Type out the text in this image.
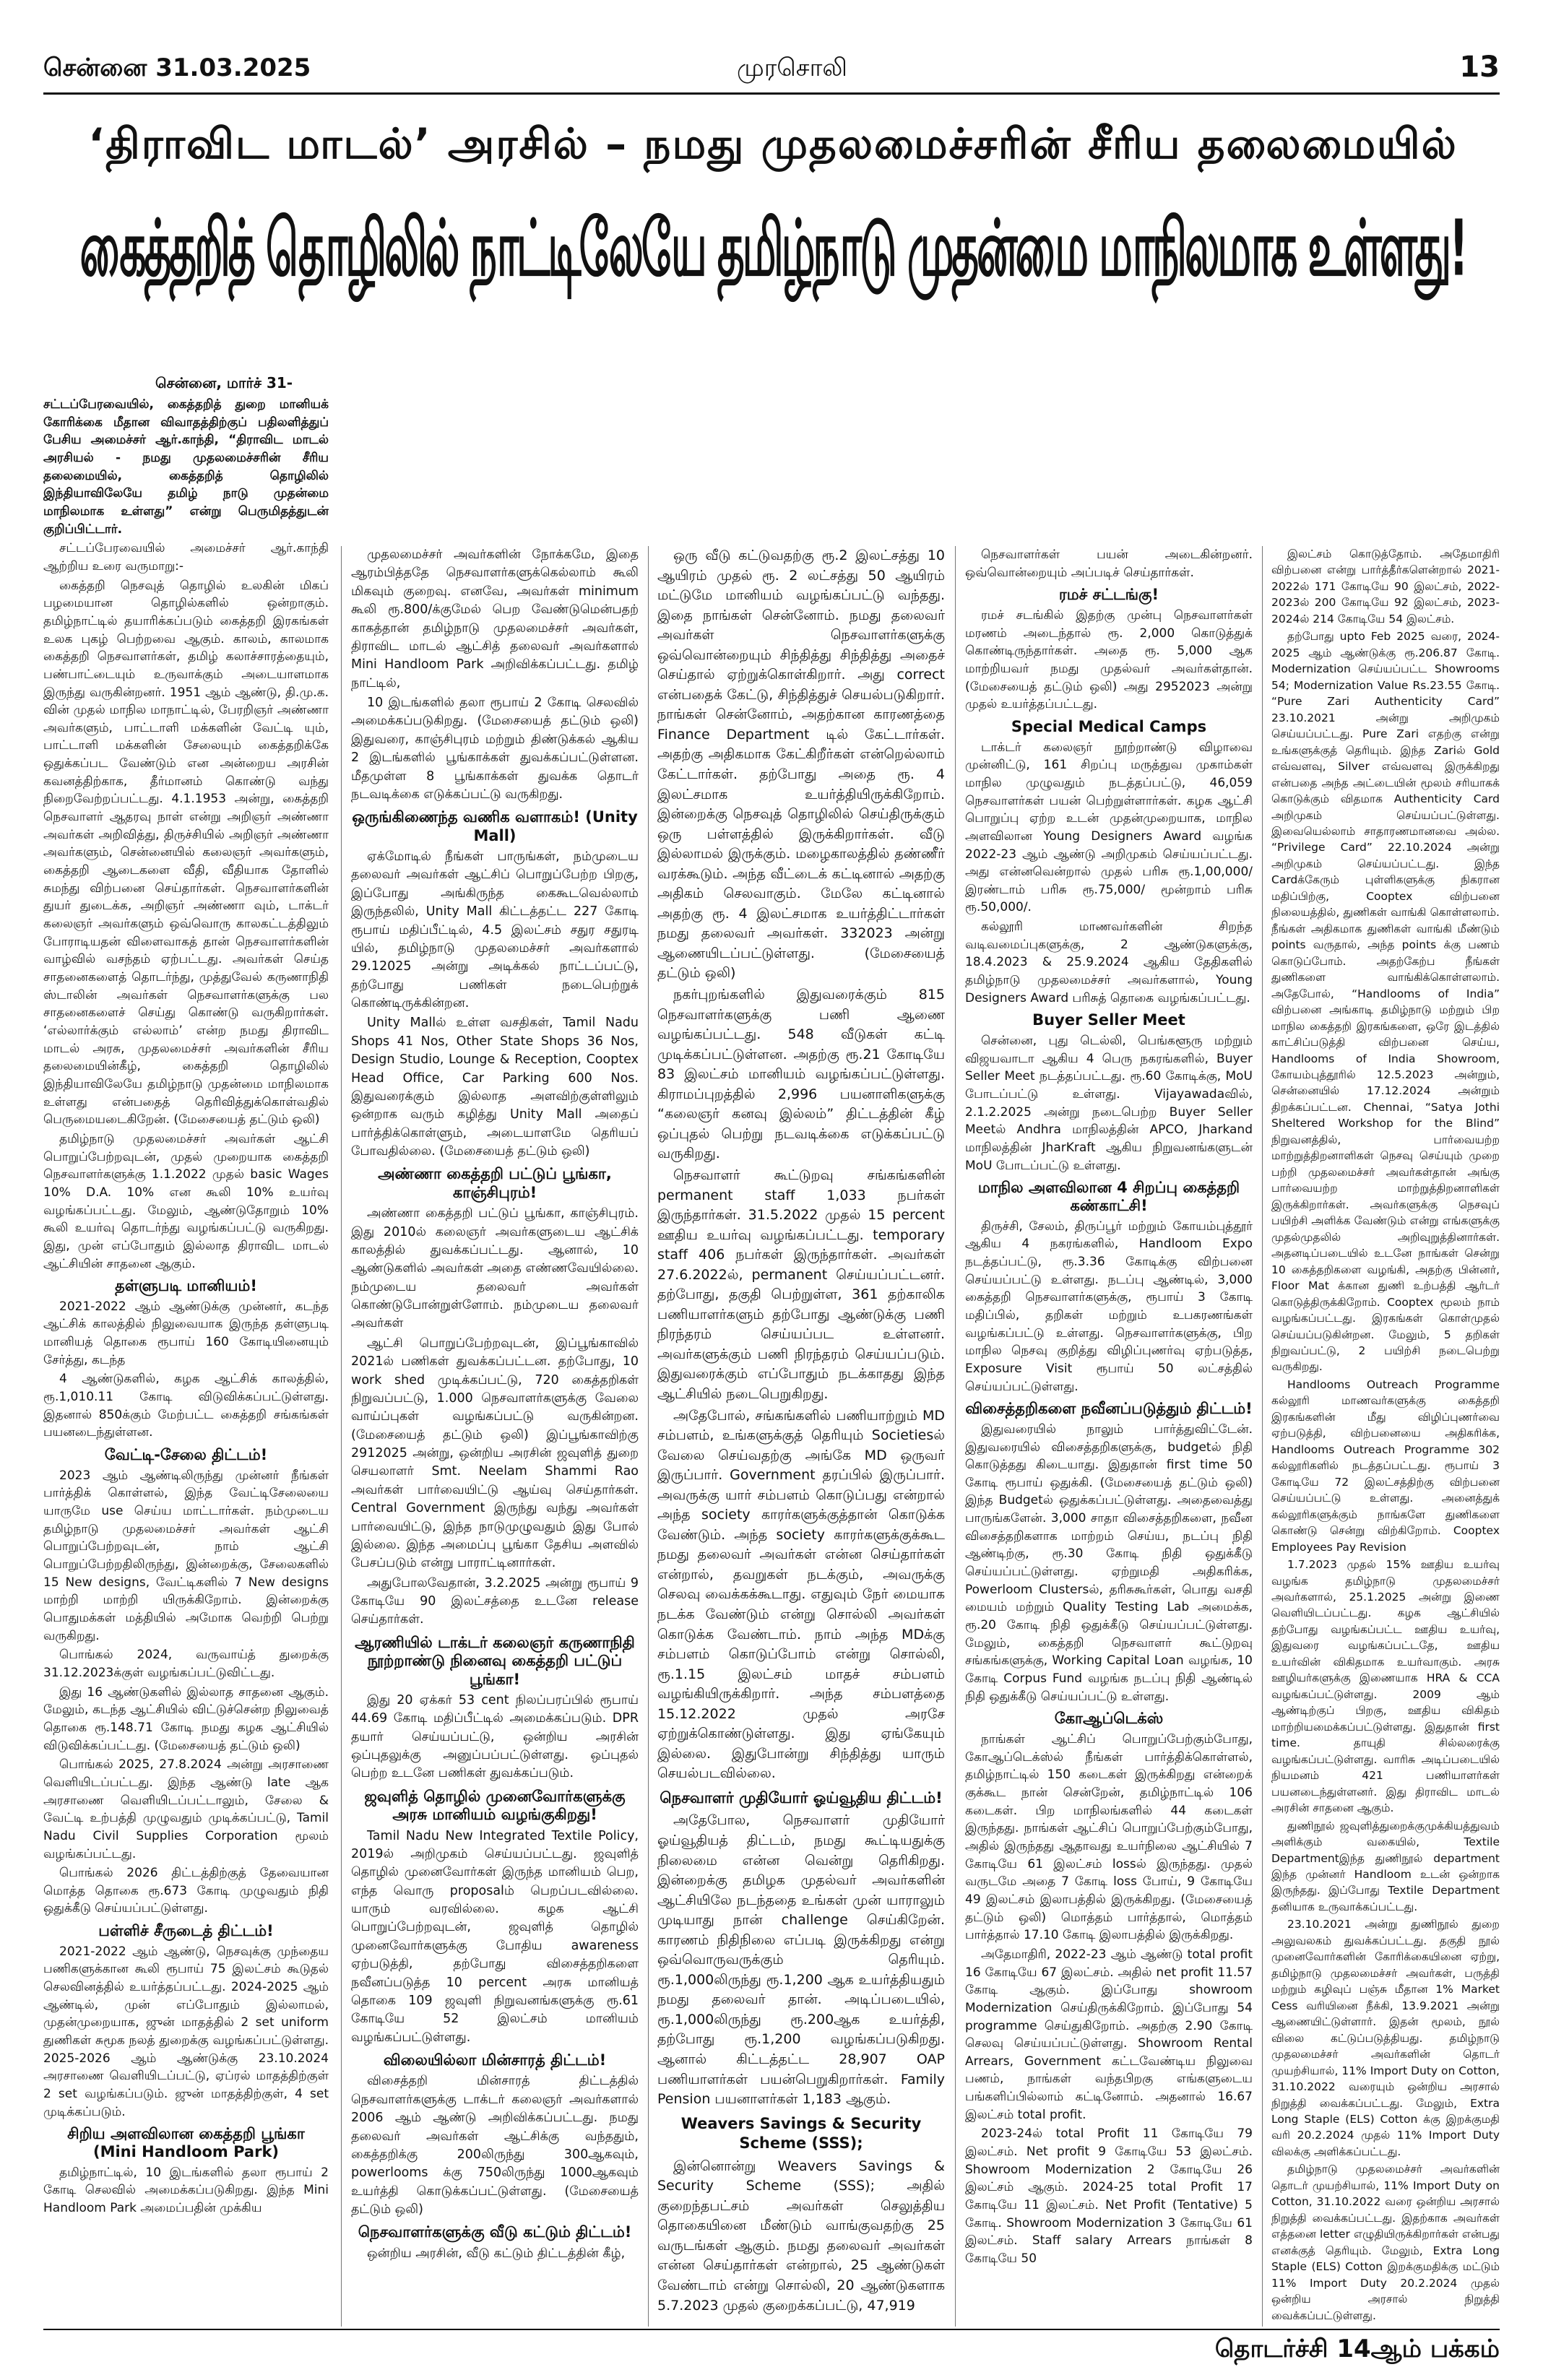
சென்னை 31.03.2025	முரசொலி	13
‘திராவிட மாடல்’ அரசில் – நமது முதலமைச்சரின் சீரிய தலைமையில்
கைத்தறித் தொழிலில் நாட்டிலேயே தமிழ்நாடு முதன்மை மாநிலமாக உள்ளது!
சென்னை, மார்ச் 31-

சட்டப்பேரவையில், கைத்தறித் துறை மானியக் கோரிக்கை மீதான விவாதத்திற்குப் பதிலளித்துப் பேசிய அமைச்சர் ஆர்.காந்தி, “திராவிட மாடல் அரசியல் - நமது முதலமைச்சரின் சீரிய தலைமையில், கைத்தறித் தொழிலில் இந்தியாவிலேயே தமிழ் நாடு முதன்மை மாநிலமாக உள்ளது” என்று பெருமிதத்துடன் குறிப்பிட்டார்.

சட்டப்பேரவையில் அமைச்சர் ஆர்.காந்தி ஆற்றிய உரை வருமாறு:-

கைத்தறி நெசவுத் தொழில் உலகின் மிகப் பழமையான தொழில்களில் ஒன்றாகும். தமிழ்நாட்டில் தயாரிக்கப்படும் கைத்தறி இரகங்கள் உலக புகழ் பெற்றவை ஆகும். காலம், காலமாக கைத்தறி நெசவாளர்கள், தமிழ் கலாச்சாரத்தையும், பண்பாட்டையும் உருவாக்கும் அடையாளமாக இருந்து வருகின்றனர். 1951 ஆம் ஆண்டு, தி.மு.க. வின் முதல் மாநில மாநாட்டில், பேரறிஞர் அண்ணா அவர்களும், பாட்டாளி மக்களின் வேட்டி யும், பாட்டாளி மக்களின் சேலையும் கைத்தறிக்கே ஒதுக்கப்பட வேண்டும் என அன்றைய அரசின் கவனத்திற்காக, தீர்மானம் கொண்டு வந்து நிறைவேற்றப்பட்டது. 4.1.1953 அன்று, கைத்தறி நெசவாளர் ஆதரவு நாள் என்று அறிஞர் அண்ணா அவர்கள் அறிவித்து, திருச்சியில் அறிஞர் அண்ணா அவர்களும், சென்னையில் கலைஞர் அவர்களும், கைத்தறி ஆடைகளை வீதி, வீதியாக தோளில் சுமந்து விற்பனை செய்தார்கள். நெசவாளர்களின் துயர் துடைக்க, அறிஞர் அண்ணா வும், டாக்டர் கலைஞர் அவர்களும் ஒவ்வொரு காலகட்டத்திலும் போராடியதன் விளைவாகத் தான் நெசவாளர்களின் வாழ்வில் வசந்தம் ஏற்பட்டது. அவர்கள் செய்த சாதனைகளைத் தொடர்ந்து, முத்துவேல் கருணாநிதி ஸ்டாலின் அவர்கள் நெசவாளர்களுக்கு பல சாதனைகளைச் செய்து கொண்டு வருகிறார்கள். ‘எல்லார்க்கும் எல்லாம்’ என்ற நமது திராவிட மாடல் அரசு, முதலமைச்சர் அவர்களின் சீரிய தலைமையின்கீழ், கைத்தறி தொழிலில் இந்தியாவிலேயே தமிழ்நாடு முதன்மை மாநிலமாக உள்ளது என்பதைத் தெரிவித்துக்கொள்வதில் பெருமையடைகிறேன். (மேசையைத் தட்டும் ஒலி)

தமிழ்நாடு முதலமைச்சர் அவர்கள் ஆட்சி பொறுப்பேற்றவுடன், முதல் முறையாக கைத்தறி நெசவாளர்களுக்கு 1.1.2022 முதல் basic Wages 10% D.A. 10% என கூலி 10% உயர்வு வழங்கப்பட்டது. மேலும், ஆண்டுதோறும் 10% கூலி உயர்வு தொடர்ந்து வழங்கப்பட்டு வருகிறது. இது, முன் எப்போதும் இல்லாத திராவிட மாடல் ஆட்சியின் சாதனை ஆகும்.

தள்ளுபடி மானியம்!

2021-2022 ஆம் ஆண்டுக்கு முன்னர், கடந்த ஆட்சிக் காலத்தில் நிலுவையாக இருந்த தள்ளுபடி மானியத் தொகை ரூபாய் 160 கோடியினையும் சேர்த்து, கடந்த

4 ஆண்டுகளில், கழக ஆட்சிக் காலத்தில், ரூ.1,010.11 கோடி விடுவிக்கப்பட்டுள்ளது. இதனால் 850க்கும் மேற்பட்ட கைத்தறி சங்கங்கள் பயனடைந்துள்ளன.

வேட்டி-சேலை திட்டம்!

2023 ஆம் ஆண்டிலிருந்து முன்னர் நீங்கள் பார்த்திக் கொள்ளல், இந்த வேட்டிசேலையை யாருமே use செய்ய மாட்டார்கள். நம்முடைய தமிழ்நாடு முதலமைச்சர் அவர்கள் ஆட்சி பொறுப்பேற்றவுடன், நாம் ஆட்சி பொறுப்பேற்றதிலிருந்து, இன்றைக்கு, சேலைகளில் 15 New designs, வேட்டிகளில் 7 New designs மாற்றி மாற்றி யிருக்கிறோம். இன்றைக்கு பொதுமக்கள் மத்தியில் அமோக வெற்றி பெற்று வருகிறது.

பொங்கல் 2024, வருவாய்த் துறைக்கு 31.12.2023க்குள் வழங்கப்பட்டுவிட்டது.

இது 16 ஆண்டுகளில் இல்லாத சாதனை ஆகும். மேலும், கடந்த ஆட்சியில் விட்டுச்சென்ற நிலுவைத் தொகை ரூ.148.71 கோடி நமது கழக ஆட்சியில் விடுவிக்கப்பட்டது. (மேசையைத் தட்டும் ஒலி)

பொங்கல் 2025, 27.8.2024 அன்று அரசாணை வெளியிடப்பட்டது. இந்த ஆண்டு late ஆக அரசாணை வெளியிடப்பட்டாலும், சேலை & வேட்டி உற்பத்தி முழுவதும் முடிக்கப்பட்டு, Tamil Nadu Civil Supplies Corporation மூலம் வழங்கப்பட்டது.

பொங்கல் 2026 திட்டத்திற்குத் தேவையான மொத்த தொகை ரூ.673 கோடி முழுவதும் நிதி ஒதுக்கீடு செய்யப்பட்டுள்ளது.

பள்ளிச் சீருடைத் திட்டம்!

2021-2022 ஆம் ஆண்டு, நெசவுக்கு முந்தைய பணிகளுக்கான கூலி ரூபாய் 75 இலட்சம் கூடுதல் செலவினத்தில் உயர்த்தப்பட்டது. 2024-2025 ஆம் ஆண்டில், முன் எப்போதும் இல்லாமல், முதன்முறையாக, ஜுன் மாதத்தில் 2 set uniform துணிகள் சுமூக நலத் துறைக்கு வழங்கப்பட்டுள்ளது. 2025-2026 ஆம் ஆண்டுக்கு 23.10.2024 அரசாணை வெளியிடப்பட்டு, ஏப்ரல் மாதத்திற்குள் 2 set வழங்கப்படும். ஜுன் மாதத்திற்குள், 4 set முடிக்கப்படும்.

சிறிய அளவிலான கைத்தறி பூங்கா (Mini Handloom Park)

தமிழ்நாட்டில், 10 இடங்களில் தலா ரூபாய் 2 கோடி செலவில் அமைக்கப்படுகிறது. இந்த Mini Handloom Park அமைப்பதின் முக்கிய

முதலமைச்சர் அவர்களின் நோக்கமே, இதை ஆரம்பித்ததே நெசவாளர்களுக்கெல்லாம் கூலி மிகவும் குறைவு. எனவே, அவர்கள் minimum கூலி ரூ.800/க்குமேல் பெற வேண்டுமென்பதற் காகத்தான் தமிழ்நாடு முதலமைச்சர் அவர்கள், திராவிட மாடல் ஆட்சித் தலைவர் அவர்களால் Mini Handloom Park அறிவிக்கப்பட்டது. தமிழ் நாட்டில்,

10 இடங்களில் தலா ரூபாய் 2 கோடி செலவில் அமைக்கப்படுகிறது. (மேசையைத் தட்டும் ஒலி) இதுவரை, காஞ்சிபுரம் மற்றும் திண்டுக்கல் ஆகிய 2 இடங்களில் பூங்காக்கள் துவக்கப்பட்டுள்ளன. மீதமுள்ள 8 பூங்காக்கள் துவக்க தொடர் நடவடிக்கை எடுக்கப்பட்டு வருகிறது.

ஒருங்கிணைந்த வணிக வளாகம்! (Unity Mall)

ஏக்மோடில் நீங்கள் பாருங்கள், நம்முடைய தலைவர் அவர்கள் ஆட்சிப் பொறுப்பேற்ற பிறகு, இப்போது அங்கிருந்த கைகூடவெல்லாம் இருந்தலில், Unity Mall கிட்டத்தட்ட 227 கோடி ரூபாய் மதிப்பீட்டில், 4.5 இலட்சம் சதுர சதுரடி யில், தமிழ்நாடு முதலமைச்சர் அவர்களால் 29.12025 அன்று அடிக்கல் நாட்டப்பட்டு, தற்போது பணிகள் நடைபெற்றுக் கொண்டிருக்கின்றன.

Unity Mallல் உள்ள வசதிகள், Tamil Nadu Shops 41 Nos, Other State Shops 36 Nos, Design Studio, Lounge & Reception, Cooptex Head Office, Car Parking 600 Nos. இதுவரைக்கும் இல்லாத அளவிற்குள்ளிலும் ஒன்றாக வரும் கழித்து Unity Mall அதைப் பார்த்திக்கொள்ளும், அடையாளமே தெரியப் போவதில்லை. (மேசையைத் தட்டும் ஒலி)

அண்ணா கைத்தறி பட்டுப் பூங்கா, காஞ்சிபுரம்!

அண்ணா கைத்தறி பட்டுப் பூங்கா, காஞ்சிபுரம். இது 2010ல் கலைஞர் அவர்களுடைய ஆட்சிக் காலத்தில் துவக்கப்பட்டது. ஆனால், 10 ஆண்டுகளில் அவர்கள் அதை எண்ணவேயில்லை. நம்முடைய தலைவர் அவர்கள் கொண்டுபோன்றுள்ளோம். நம்முடைய தலைவர் அவர்கள்

ஆட்சி பொறுப்பேற்றவுடன், இப்பூங்காவில் 2021ல் பணிகள் துவக்கப்பட்டன. தற்போது, 10 work shed முடிக்கப்பட்டு, 720 கைத்தறிகள் நிறுவப்பட்டு, 1.000 நெசவாளர்களுக்கு வேலை வாய்ப்புகள் வழங்கப்பட்டு வருகின்றன. (மேசையைத் தட்டும் ஒலி) இப்பூங்காவிற்கு 2912025 அன்று, ஒன்றிய அரசின் ஜவுளித் துறை செயலாளர் Smt. Neelam Shammi Rao அவர்கள் பார்வையிட்டு ஆய்வு செய்தார்கள். Central Government இருந்து வந்து அவர்கள் பார்வையிட்டு, இந்த நாடுமுழுவதும் இது போல் இல்லை. இந்த அமைப்பு பூங்கா தேசிய அளவில் பேசப்படும் என்று பாராட்டினார்கள்.

அதுபோலவேதான், 3.2.2025 அன்று ரூபாய் 9 கோடியே 90 இலட்சத்தை உடனே release செய்தார்கள்.

ஆரணியில் டாக்டர் கலைஞர் கருணாநிதி நூற்றாண்டு நினைவு கைத்தறி பட்டுப் பூங்கா!

இது 20 ஏக்கர் 53 cent நிலப்பரப்பில் ரூபாய் 44.69 கோடி மதிப்பீட்டில் அமைக்கப்படும். DPR தயார் செய்யப்பட்டு, ஒன்றிய அரசின் ஒப்புதலுக்கு அனுப்பப்பட்டுள்ளது. ஒப்புதல் பெற்ற உடனே பணிகள் துவக்கப்படும்.

ஜவுளித் தொழில் முனைவோர்களுக்கு அரசு மானியம் வழங்குகிறது!

Tamil Nadu New Integrated Textile Policy, 2019ல் அறிமுகம் செய்யப்பட்டது. ஜவுளித் தொழில் முனைவோர்கள் இருந்த மானியம் பெற, எந்த வொரு proposalம் பெறப்படவில்லை. யாரும் வரவில்லை. கழக ஆட்சி பொறுப்பேற்றவுடன், ஜவுளித் தொழில் முனைவோர்களுக்கு போதிய awareness ஏற்படுத்தி, தற்போது விசைத்தறிகளை நவீனப்படுத்த 10 percent அரசு மானியத் தொகை 109 ஜவுளி நிறுவனங்களுக்கு ரூ.61 கோடியே 52 இலட்சம் மானியம் வழங்கப்பட்டுள்ளது.

விலையில்லா மின்சாரத் திட்டம்!

விசைத்தறி மின்சாரத் திட்டத்தில் நெசவாளர்களுக்கு டாக்டர் கலைஞர் அவர்களால் 2006 ஆம் ஆண்டு அறிவிக்கப்பட்டது. நமது தலைவர் அவர்கள் ஆட்சிக்கு வந்ததும், கைத்தறிக்கு 200லிருந்து 300ஆகவும், powerlooms க்கு 750லிருந்து 1000ஆகவும் உயர்த்தி கொடுக்கப்பட்டுள்ளது. (மேசையைத் தட்டும் ஒலி)

நெசவாளர்களுக்கு வீடு கட்டும் திட்டம்!

ஒன்றிய அரசின், வீடு கட்டும் திட்டத்தின் கீழ்,

ஒரு வீடு கட்டுவதற்கு ரூ.2 இலட்சத்து 10 ஆயிரம் முதல் ரூ. 2 லட்சத்து 50 ஆயிரம் மட்டுமே மானியம் வழங்கப்பட்டு வந்தது. இதை நாங்கள் சென்னோம். நமது தலைவர் அவர்கள் நெசவாளர்களுக்கு ஒவ்வொன்றையும் சிந்தித்து சிந்தித்து அதைச் செய்தால் ஏற்றுக்கொள்கிறார். அது correct என்பதைக் கேட்டு, சிந்தித்துச் செயல்படுகிறார். நாங்கள் சென்னோம், அதற்கான காரணத்தை Finance Department டில் கேட்டார்கள். அதற்கு அதிகமாக கேட்கிறீர்கள் என்றெல்லாம் கேட்டார்கள். தற்போது அதை ரூ. 4 இலட்சமாக உயர்த்தியிருக்கிறோம். இன்றைக்கு நெசவுத் தொழிலில் செய்திருக்கும் ஒரு பள்ளத்தில் இருக்கிறார்கள். வீடு இல்லாமல் இருக்கும். மழைகாலத்தில் தண்ணீர் வரக்கூடும். அந்த வீட்டைக் கட்டினால் அதற்கு அதிகம் செலவாகும். மேலே கட்டினால் அதற்கு ரூ. 4 இலட்சமாக உயர்த்திட்டார்கள் நமது தலைவர் அவர்கள். 332023 அன்று ஆணையிடப்பட்டுள்ளது. (மேசையைத் தட்டும் ஒலி)

நகர்புறங்களில் இதுவரைக்கும் 815 நெசவாளர்களுக்கு பணி ஆணை வழங்கப்பட்டது. 548 வீடுகள் கட்டி முடிக்கப்பட்டுள்ளன. அதற்கு ரூ.21 கோடியே 83 இலட்சம் மானியம் வழங்கப்பட்டுள்ளது. கிராமப்புறத்தில் 2,996 பயனாளிகளுக்கு “கலைஞர் கனவு இல்லம்” திட்டத்தின் கீழ் ஒப்புதல் பெற்று நடவடிக்கை எடுக்கப்பட்டு வருகிறது.

நெசவாளர் கூட்டுறவு சங்கங்களின் permanent staff 1,033 நபர்கள் இருந்தார்கள். 31.5.2022 முதல் 15 percent ஊதிய உயர்வு வழங்கப்பட்டது. temporary staff 406 நபர்கள் இருந்தார்கள். அவர்கள் 27.6.2022ல், permanent செய்யப்பட்டனர். தற்போது, தகுதி பெற்றுள்ள, 361 தற்காலிக பணியாளர்களும் தற்போது ஆண்டுக்கு பணி நிரந்தரம் செய்யப்பட உள்ளனர். அவர்களுக்கும் பணி நிரந்தரம் செய்யப்படும். இதுவரைக்கும் எப்போதும் நடக்காதது இந்த ஆட்சியில் நடைபெறுகிறது.

அதேபோல், சங்கங்களில் பணியாற்றும் MD சம்பளம், உங்களுக்குத் தெரியும் Societiesல் வேலை செய்வதற்கு அங்கே MD ஒருவர் இருப்பார். Government தரப்பில் இருப்பார். அவருக்கு யார் சம்பளம் கொடுப்பது என்றால் அந்த society காரர்களுக்குத்தான் கொடுக்க வேண்டும். அந்த society காரர்களுக்குக்கூட நமது தலைவர் அவர்கள் என்ன செய்தார்கள் என்றால், தவறுகள் நடக்கும், அவருக்கு செலவு வைக்கக்கூடாது. எதுவும் நேர் மையாக நடக்க வேண்டும் என்று சொல்லி அவர்கள் கொடுக்க வேண்டாம். நாம் அந்த MDக்கு சம்பளம் கொடுப்போம் என்று சொல்லி, ரூ.1.15 இலட்சம் மாதச் சம்பளம் வழங்கியிருக்கிறார். அந்த சம்பளத்தை 15.12.2022 முதல் அரசே ஏற்றுக்கொண்டுள்ளது. இது ஏங்கேயும் இல்லை. இதுபோன்று சிந்தித்து யாரும் செயல்படவில்லை.

நெசவாளர் முதியோர் ஓய்வூதிய திட்டம்!

அதேபோல, நெசவாளர் முதியோர் ஓய்வூதியத் திட்டம், நமது கூட்டியதுக்கு நிலைமை என்ன வென்று தெரிகிறது. இன்றைக்கு தமிழக முதல்வர் அவர்களின் ஆட்சியிலே நடந்ததை உங்கள் முன் யாராலும் முடியாது நான் challenge செய்கிறேன். காரணம் நிதிநிலை எப்படி இருக்கிறது என்று ஒவ்வொருவருக்கும் தெரியும். ரூ.1,000லிருந்து ரூ.1,200 ஆக உயர்த்தியதும் நமது தலைவர் தான். அடிப்படையில், ரூ.1,000லிருந்து ரூ.200ஆக உயர்த்தி, தற்போது ரூ.1,200 வழங்கப்படுகிறது. ஆனால் கிட்டத்தட்ட 28,907 OAP பணியாளர்கள் பயன்பெறுகிறார்கள். Family Pension பயனாளர்கள் 1,183 ஆகும்.

Weavers Savings & Security Scheme (SSS);

இன்னொன்று Weavers Savings & Security Scheme (SSS); அதில் குறைந்தபட்சம் அவர்கள் செலுத்திய தொகையினை மீண்டும் வாங்குவதற்கு 25 வருடங்கள் ஆகும். நமது தலைவர் அவர்கள் என்ன செய்தார்கள் என்றால், 25 ஆண்டுகள் வேண்டாம் என்று சொல்லி, 20 ஆண்டுகளாக 5.7.2023 முதல் குறைக்கப்பட்டு, 47,919

நெசவாளர்கள் பயன் அடைகின்றனர். ஒவ்வொன்றையும் அப்படிச் செய்தார்கள்.

ரமச் சட்டங்கு!

ரமச் சடங்கில் இதற்கு முன்பு நெசவாளர்கள் மரணம் அடைந்தால் ரூ. 2,000 கொடுத்துக் கொண்டிருந்தார்கள். அதை ரூ. 5,000 ஆக மாற்றியவர் நமது முதல்வர் அவர்கள்தான். (மேசையைத் தட்டும் ஒலி) அது 2952023 அன்று முதல் உயர்த்தப்பட்டது.

Special Medical Camps

டாக்டர் கலைஞர் நூற்றாண்டு விழாவை முன்னிட்டு, 161 சிறப்பு மருத்துவ முகாம்கள் மாநில முழுவதும் நடத்தப்பட்டு, 46,059 நெசவாளர்கள் பயன் பெற்றுள்ளார்கள். கழக ஆட்சி பொறுப்பு ஏற்ற உடன் முதன்முறையாக, மாநில அளவிலான Young Designers Award வழங்க 2022-23 ஆம் ஆண்டு அறிமுகம் செய்யப்பட்டது. அது என்னவென்றால் முதல் பரிசு ரூ.1,00,000/ இரண்டாம் பரிசு ரூ.75,000/ மூன்றாம் பரிசு ரூ.50,000/.

கல்லூரி மாணவர்களின் சிறந்த வடிவமைப்புகளுக்கு, 2 ஆண்டுகளுக்கு, 18.4.2023 & 25.9.2024 ஆகிய தேதிகளில் தமிழ்நாடு முதலமைச்சர் அவர்களால், Young Designers Award பரிசுத் தொகை வழங்கப்பட்டது.

Buyer Seller Meet

சென்னை, புது டெல்லி, பெங்களூரு மற்றும் விஜயவாடா ஆகிய 4 பெரு நகரங்களில், Buyer Seller Meet நடத்தப்பட்டது. ரூ.60 கோடிக்கு, MoU போடப்பட்டு உள்ளது. Vijayawadaவில், 2.1.2.2025 அன்று நடைபெற்ற Buyer Seller Meetல் Andhra மாநிலத்தின் APCO, Jharkand மாநிலத்தின் JharKraft ஆகிய நிறுவனங்களுடன் MoU போடப்பட்டு உள்ளது.

மாநில அளவிலான 4 சிறப்பு கைத்தறி கண்காட்சி!

திருச்சி, சேலம், திருப்பூர் மற்றும் கோயம்புத்தூர் ஆகிய 4 நகரங்களில், Handloom Expo நடத்தப்பட்டு, ரூ.3.36 கோடிக்கு விற்பனை செய்யப்பட்டு உள்ளது. நடப்பு ஆண்டில், 3,000 கைத்தறி நெசவாளர்களுக்கு, ரூபாய் 3 கோடி மதிப்பில், தறிகள் மற்றும் உபகரணங்கள் வழங்கப்பட்டு உள்ளது. நெசவாளர்களுக்கு, பிற மாநில நெசவு குறித்து விழிப்புணர்வு ஏற்படுத்த, Exposure Visit ரூபாய் 50 லட்சத்தில் செய்யப்பட்டுள்ளது.

விசைத்தறிகளை நவீனப்படுத்தும் திட்டம்!

இதுவரையில் நாலும் பார்த்துவிட்டேன். இதுவரையில் விசைத்தறிகளுக்கு, budgetல் நிதி கொடுத்தது கிடையாது. இதுதான் first time 50 கோடி ரூபாய் ஒதுக்கி. (மேசையைத் தட்டும் ஒலி) இந்த Budgetல் ஒதுக்கப்பட்டுள்ளது. அதைவைத்து பாருங்களேன். 3,000 சாதா விசைத்தறிகளை, நவீன விசைத்தறிகளாக மாற்றம் செய்ய, நடப்பு நிதி ஆண்டிற்கு, ரூ.30 கோடி நிதி ஒதுக்கீடு செய்யப்பட்டுள்ளது. ஏற்றுமதி அதிகரிக்க, Powerloom Clustersல், தரிசுகூர்கள், பொது வசதி மையம் மற்றும் Quality Testing Lab அமைக்க, ரூ.20 கோடி நிதி ஒதுக்கீடு செய்யப்பட்டுள்ளது. மேலும், கைத்தறி நெசவாளர் கூட்டுறவு சங்கங்களுக்கு, Working Capital Loan வழங்க, 10 கோடி Corpus Fund வழங்க நடப்பு நிதி ஆண்டில் நிதி ஒதுக்கீடு செய்யப்பட்டு உள்ளது.

கோஆப்டெக்ஸ்

நாங்கள் ஆட்சிப் பொறுப்பேற்கும்போது, கோஆப்டெக்ஸ்ல் நீங்கள் பார்த்திக்கொள்ளல், தமிழ்நாட்டில் 150 கடைகள் இருக்கிறது என்றைக் குக்கூட நான் சென்றேன், தமிழ்நாட்டில் 106 கடைகள். பிற மாநிலங்களில் 44 கடைகள் இருந்தது. நாங்கள் ஆட்சிப் பொறுப்பேற்கும்போது, அதில் இருந்தது ஆதாவது உயர்நிலை ஆட்சியில் 7 கோடியே 61 இலட்சம் lossல் இருந்தது. முதல் வருடமே அதை 7 கோடி loss போய், 9 கோடியே 49 இலட்சம் இலாபத்தில் இருக்கிறது. (மேசையைத் தட்டும் ஒலி) மொத்தம் பார்த்தால், மொத்தம் பார்த்தால் 17.10 கோடி இலாபத்தில் இருக்கிறது.

அதேமாதிரி, 2022-23 ஆம் ஆண்டு total profit 16 கோடியே 67 இலட்சம். அதில் net profit 11.57 கோடி ஆகும். இப்போது showroom Modernization செய்திருக்கிறோம். இப்போது 54 programme செய்துகிறோம். அதற்கு 2.90 கோடி செலவு செய்யப்பட்டுள்ளது. Showroom Rental Arrears, Government கட்டவேண்டிய நிலுவை பணம், நாங்கள் வந்தபிறகு எங்களுடைய பங்களிப்பில்லாம் கட்டினோம். அதனால் 16.67 இலட்சம் total profit.

2023-24ல் total Profit 11 கோடியே 79 இலட்சம். Net profit 9 கோடியே 53 இலட்சம். Showroom Modernization 2 கோடியே 26 இலட்சம் ஆகும். 2024-25 total Profit 17 கோடியே 11 இலட்சம். Net Profit (Tentative) 5 கோடி. Showroom Modernization 3 கோடியே 61 இலட்சம். Staff salary Arrears நாங்கள் 8 கோடியே 50

இலட்சம் கொடுத்தோம். அதேமாதிரி விற்பனை என்று பார்த்தீர்களென்றால் 2021-2022ல் 171 கோடியே 90 இலட்சம், 2022-2023ல் 200 கோடியே 92 இலட்சம், 2023-2024ல் 214 கோடியே 54 இலட்சம்.

தற்போது upto Feb 2025 வரை, 2024-2025 ஆம் ஆண்டுக்கு ரூ.206.87 கோடி. Modernization செய்யப்பட்ட Showrooms 54; Modernization Value Rs.23.55 கோடி. “Pure Zari Authenticity Card” 23.10.2021 அன்று அறிமுகம் செய்யப்பட்டது. Pure Zari எதற்கு என்று உங்களுக்குத் தெரியும். இந்த Zariல் Gold எவ்வளவு, Silver எவ்வளவு இருக்கிறது என்பதை அந்த அட்டையின் மூலம் சரியாகக் கொடுக்கும் விதமாக Authenticity Card அறிமுகம் செய்யப்பட்டுள்ளது. இவையெல்லாம் சாதாரணமானவை அல்ல. “Privilege Card” 22.10.2024 அன்று அறிமுகம் செய்யப்பட்டது. இந்த Cardக்கேரும் புள்ளிகளுக்கு நிகரான மதிப்பிற்கு, Cooptex விற்பனை நிலையத்தில், துணிகள் வாங்கி கொள்ளலாம். நீங்கள் அதிகமாக துணிகள் வாங்கி மீண்டும் points வருதால், அந்த points க்கு பணம் கொடுப்போம். அதற்கேற்ப நீங்கள் துணிகளை வாங்கிக்கொள்ளலாம். அதேபோல், “Handlooms of India” விற்பனை அங்காடி தமிழ்நாடு மற்றும் பிற மாநில கைத்தறி இரகங்களை, ஒரே இடத்தில் காட்சிப்படுத்தி விற்பனை செய்ய, Handlooms of India Showroom, கோயம்புத்தூரில் 12.5.2023 அன்றும், சென்னையில் 17.12.2024 அன்றும் திறக்கப்பட்டன. Chennai, “Satya Jothi Sheltered Workshop for the Blind” நிறுவனத்தில், பார்வையற்ற மாற்றுத்திறனாளிகள் நெசவு செய்யும் முறை பற்றி முதலமைச்சர் அவர்கள்தான் அங்கு பார்வையற்ற மாற்றுத்திறனாளிகள் இருக்கிறார்கள். அவர்களுக்கு நெசவுப் பயிற்சி அளிக்க வேண்டும் என்று எங்களுக்கு முதல்முதலில் அறிவுறுத்தினார்கள். அதனடிப்படையில் உடனே நாங்கள் சென்று 10 கைத்தறிகளை வழங்கி, அதற்கு பின்னர், Floor Mat க்கான துணி உற்பத்தி ஆர்டர் கொடுத்திருக்கிறோம். Cooptex மூலம் நாம் வழங்கப்பட்டது. இரகங்கள் கொள்முதல் செய்யப்படுகின்றன. மேலும், 5 தறிகள் நிறுவப்பட்டு, 2 பயிற்சி நடைபெற்று வருகிறது.

Handlooms Outreach Programme கல்லூரி மாணவர்களுக்கு கைத்தறி இரகங்களின் மீது விழிப்புணர்வை ஏற்படுத்தி, விற்பனையை அதிகரிக்க, Handlooms Outreach Programme 302 கல்லூரிகளில் நடத்தப்பட்டது. ரூபாய் 3 கோடியே 72 இலட்சத்திற்கு விற்பனை செய்யப்பட்டு உள்ளது. அனைத்துக் கல்லூரிகளுக்கும் நாங்களே துணிகளை கொண்டு சென்று விற்கிறோம். Cooptex Employees Pay Revision

1.7.2023 முதல் 15% ஊதிய உயர்வு வழங்க தமிழ்நாடு முதலமைச்சர் அவர்களால், 25.1.2025 அன்று இணை வெளியிடப்பட்டது. கழக ஆட்சியில் தற்போது வழங்கப்பட்ட ஊதிய உயர்வு, இதுவரை வழங்கப்பட்டதே, ஊதிய உயர்வின் விகிதமாக உயர்வாகும். அரசு ஊழியர்களுக்கு இணையாக HRA & CCA வழங்கப்பட்டுள்ளது. 2009 ஆம் ஆண்டிற்குப் பிறகு, ஊதிய விகிதம் மாற்றியமைக்கப்பட்டுள்ளது. இதுதான் first time. தாயுதி சில்லரைக்கு வழங்கப்பட்டுள்ளது. வாரிசு அடிப்படையில் நியமனம் 421 பணியாளர்கள் பயனடைந்துள்ளனர். இது திராவிட மாடல் அரசின் சாதனை ஆகும்.

துணிநூல் ஜவுளித்துறைக்குமுக்கியத்துவம் அளிக்கும் வகையில், Textile Departmentஇந்த துணிநூல் department இந்த முன்னர் Handloom உடன் ஒன்றாக இருந்தது. இப்போது Textile Department தனியாக உருவாக்கப்பட்டது.

23.10.2021 அன்று துணிநூல் துறை அலுவலகம் துவக்கப்பட்டது. தகுதி நூல் முனைவோர்களின் கோரிக்கையினை ஏற்று, தமிழ்நாடு முதலமைச்சர் அவர்கள், பருத்தி மற்றும் கழிவுப் பஞ்சு மீதான 1% Market Cess வரியினை நீக்கி, 13.9.2021 அன்று ஆணையிட்டுள்ளார். இதன் மூலம், நூல் விலை கட்டுப்படுத்தியது. தமிழ்நாடு முதலமைச்சர் அவர்களின் தொடர் முயற்சியால், 11% Import Duty on Cotton, 31.10.2022 வரையும் ஒன்றிய அரசால் நிறுத்தி வைக்கப்பட்டது. மேலும், Extra Long Staple (ELS) Cotton க்கு இறக்குமதி வரி 20.2.2024 முதல் 11% Import Duty விலக்கு அளிக்கப்பட்டது.

தமிழ்நாடு முதலமைச்சர் அவர்களின் தொடர் முயற்சியால், 11% Import Duty on Cotton, 31.10.2022 வரை ஒன்றிய அரசால் நிறுத்தி வைக்கப்பட்டது. இதற்காக அவர்கள் எத்தனை letter எழுதியிருக்கிறார்கள் என்பது எனக்குத் தெரியும். மேலும், Extra Long Staple (ELS) Cotton இறக்குமதிக்கு மட்டும் 11% Import Duty 20.2.2024 முதல் ஒன்றிய அரசால் நிறுத்தி வைக்கப்பட்டுள்ளது.

தொடர்ச்சி 14ஆம் பக்கம்
